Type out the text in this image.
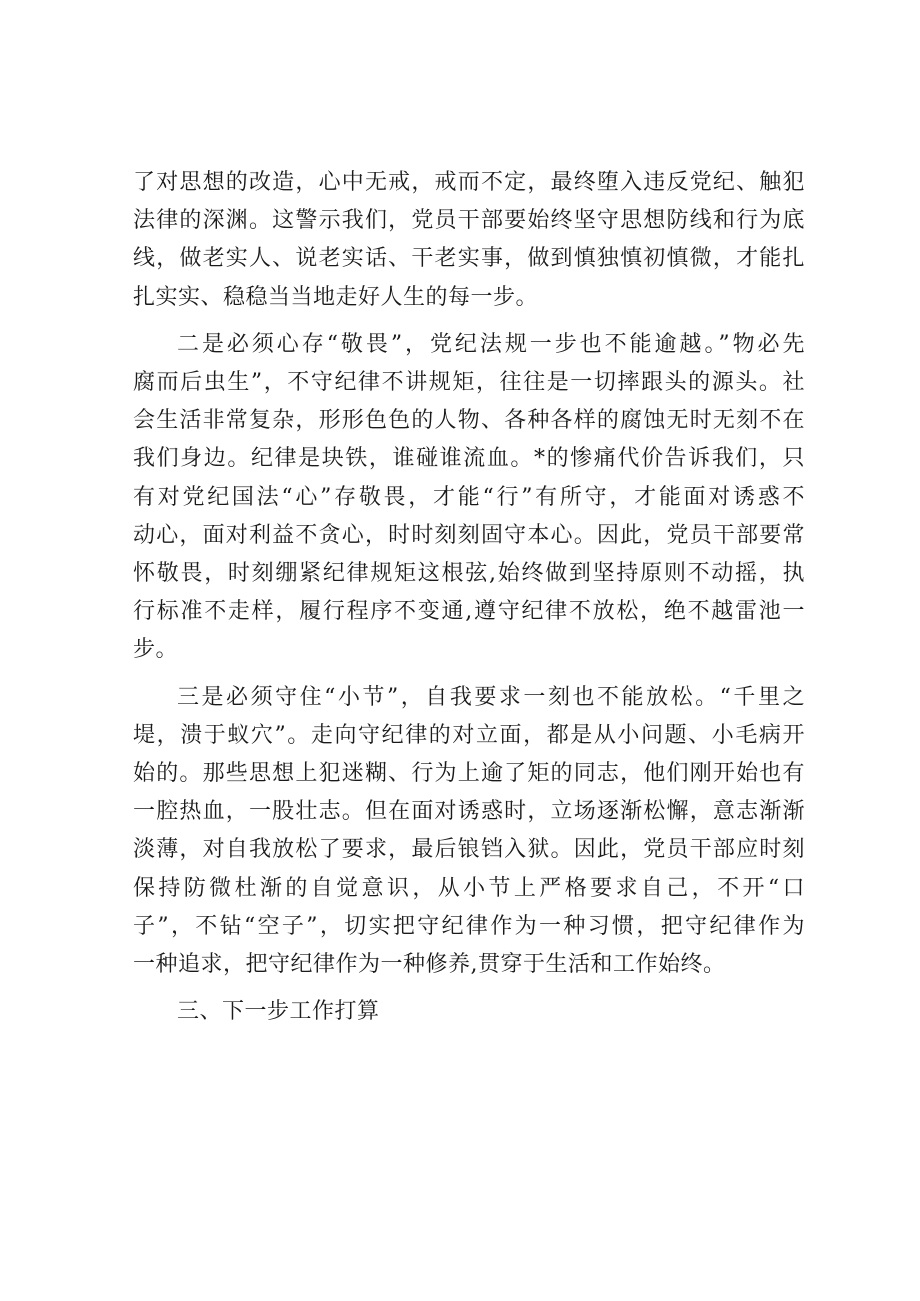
了对思想的改造，心中无戒，戒而不定，最终堕入违反党纪、触犯
法律的深渊。这警示我们，党员干部要始终坚守思想防线和行为底
线，做老实人、说老实话、干老实事，做到慎独慎初慎微，才能扎
扎实实、稳稳当当地走好人生的每一步。
二是必须心存“敬畏”，党纪法规一步也不能逾越。”物必先
腐而后虫生”，不守纪律不讲规矩，往往是一切摔跟头的源头。社
会生活非常复杂，形形色色的人物、各种各样的腐蚀无时无刻不在
我们身边。纪律是块铁，谁碰谁流血。*的惨痛代价告诉我们，只
有对党纪国法“心”存敬畏，才能“行”有所守，才能面对诱惑不
动心，面对利益不贪心，时时刻刻固守本心。因此，党员干部要常
怀敬畏，时刻绷紧纪律规矩这根弦,始终做到坚持原则不动摇，执
行标准不走样，履行程序不变通,遵守纪律不放松，绝不越雷池一
步。
三是必须守住“小节”，自我要求一刻也不能放松。“千里之
堤，溃于蚁穴”。走向守纪律的对立面，都是从小问题、小毛病开
始的。那些思想上犯迷糊、行为上逾了矩的同志，他们刚开始也有
一腔热血，一股壮志。但在面对诱惑时，立场逐渐松懈，意志渐渐
淡薄，对自我放松了要求，最后锒铛入狱。因此，党员干部应时刻
保持防微杜渐的自觉意识，从小节上严格要求自己，不开“口
子”，不钻“空子”，切实把守纪律作为一种习惯，把守纪律作为
一种追求，把守纪律作为一种修养,贯穿于生活和工作始终。
三、下一步工作打算
